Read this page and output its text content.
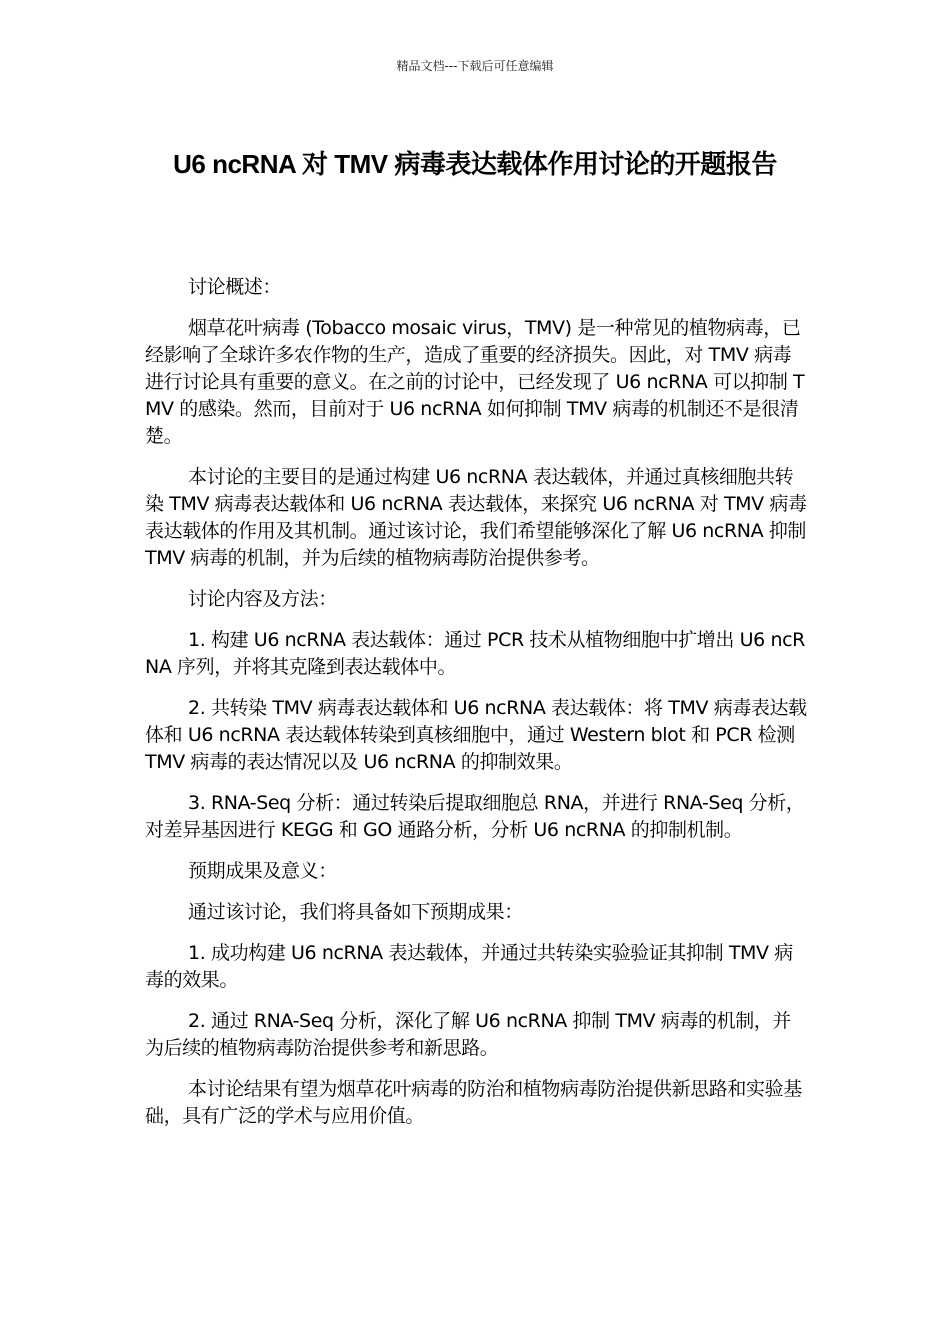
精品文档---下载后可任意编辑
U6 ncRNA 对 TMV 病毒表达载体作用讨论的开题报告

讨论概述：

烟草花叶病毒 (Tobacco mosaic virus，TMV) 是一种常见的植物病毒，已经影响了全球许多农作物的生产，造成了重要的经济损失。因此，对 TMV 病毒进行讨论具有重要的意义。在之前的讨论中，已经发现了 U6 ncRNA 可以抑制 TMV 的感染。然而，目前对于 U6 ncRNA 如何抑制 TMV 病毒的机制还不是很清楚。

本讨论的主要目的是通过构建 U6 ncRNA 表达载体，并通过真核细胞共转染 TMV 病毒表达载体和 U6 ncRNA 表达载体，来探究 U6 ncRNA 对 TMV 病毒表达载体的作用及其机制。通过该讨论，我们希望能够深化了解 U6 ncRNA 抑制 TMV 病毒的机制，并为后续的植物病毒防治提供参考。

讨论内容及方法：

1. 构建 U6 ncRNA 表达载体：通过 PCR 技术从植物细胞中扩增出 U6 ncRNA 序列，并将其克隆到表达载体中。

2. 共转染 TMV 病毒表达载体和 U6 ncRNA 表达载体：将 TMV 病毒表达载体和 U6 ncRNA 表达载体转染到真核细胞中，通过 Western blot 和 PCR 检测 TMV 病毒的表达情况以及 U6 ncRNA 的抑制效果。

3. RNA-Seq 分析：通过转染后提取细胞总 RNA，并进行 RNA-Seq 分析，对差异基因进行 KEGG 和 GO 通路分析，分析 U6 ncRNA 的抑制机制。

预期成果及意义：

通过该讨论，我们将具备如下预期成果：

1. 成功构建 U6 ncRNA 表达载体，并通过共转染实验验证其抑制 TMV 病毒的效果。

2. 通过 RNA-Seq 分析，深化了解 U6 ncRNA 抑制 TMV 病毒的机制，并为后续的植物病毒防治提供参考和新思路。

本讨论结果有望为烟草花叶病毒的防治和植物病毒防治提供新思路和实验基础，具有广泛的学术与应用价值。
